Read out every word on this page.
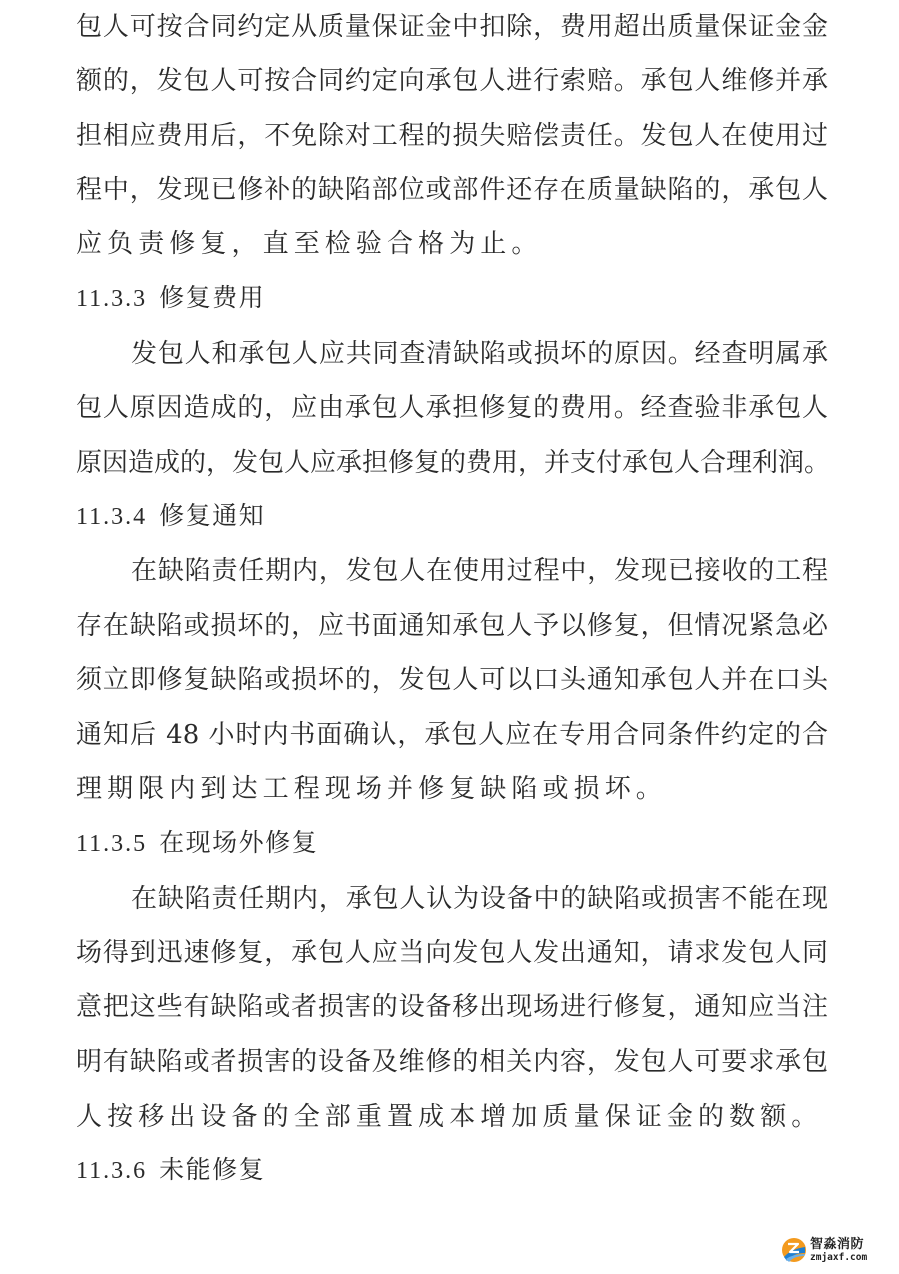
包人可按合同约定从质量保证金中扣除，费用超出质量保证金金
额的，发包人可按合同约定向承包人进行索赔。承包人维修并承
担相应费用后，不免除对工程的损失赔偿责任。发包人在使用过
程中，发现已修补的缺陷部位或部件还存在质量缺陷的，承包人
应负责修复，直至检验合格为止。
11.3.3 修复费用
发包人和承包人应共同查清缺陷或损坏的原因。经查明属承
包人原因造成的，应由承包人承担修复的费用。经查验非承包人
原因造成的，发包人应承担修复的费用，并支付承包人合理利润。
11.3.4 修复通知
在缺陷责任期内，发包人在使用过程中，发现已接收的工程
存在缺陷或损坏的，应书面通知承包人予以修复，但情况紧急必
须立即修复缺陷或损坏的，发包人可以口头通知承包人并在口头
通知后 48 小时内书面确认，承包人应在专用合同条件约定的合
理期限内到达工程现场并修复缺陷或损坏。
11.3.5 在现场外修复
在缺陷责任期内，承包人认为设备中的缺陷或损害不能在现
场得到迅速修复，承包人应当向发包人发出通知，请求发包人同
意把这些有缺陷或者损害的设备移出现场进行修复，通知应当注
明有缺陷或者损害的设备及维修的相关内容，发包人可要求承包
人按移出设备的全部重置成本增加质量保证金的数额。
11.3.6 未能修复
智淼消防
zmjaxf.com
